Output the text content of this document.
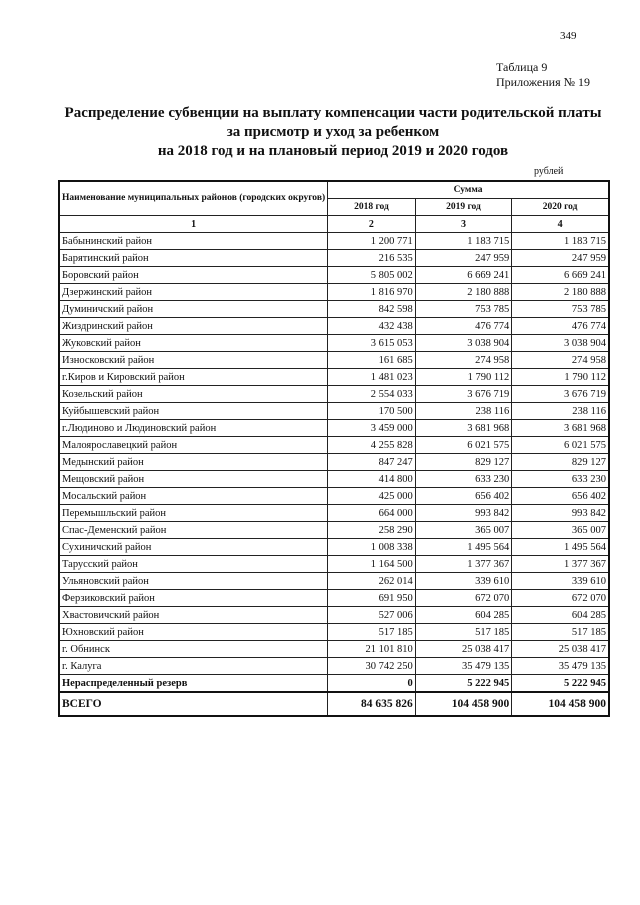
349
Таблица 9
Приложения № 19
Распределение субвенции на выплату компенсации части родительской платы
за присмотр и уход за ребенком
на 2018 год и на плановый период 2019 и 2020 годов
рублей
Наименование муниципальных районов (городских округов)	Сумма		
	2018 год	2019 год	2020 год
1	2	3	4
Бабынинский район	1 200 771	1 183 715	1 183 715
Барятинский район	216 535	247 959	247 959
Боровский район	5 805 002	6 669 241	6 669 241
Дзержинский район	1 816 970	2 180 888	2 180 888
Думиничский район	842 598	753 785	753 785
Жиздринский район	432 438	476 774	476 774
Жуковский район	3 615 053	3 038 904	3 038 904
Износковский район	161 685	274 958	274 958
г.Киров и Кировский район	1 481 023	1 790 112	1 790 112
Козельский район	2 554 033	3 676 719	3 676 719
Куйбышевский район	170 500	238 116	238 116
г.Людиново и Людиновский район	3 459 000	3 681 968	3 681 968
Малоярославецкий район	4 255 828	6 021 575	6 021 575
Медынский район	847 247	829 127	829 127
Мещовский район	414 800	633 230	633 230
Мосальский район	425 000	656 402	656 402
Перемышльский район	664 000	993 842	993 842
Спас-Деменский район	258 290	365 007	365 007
Сухиничский район	1 008 338	1 495 564	1 495 564
Тарусский район	1 164 500	1 377 367	1 377 367
Ульяновский район	262 014	339 610	339 610
Ферзиковский район	691 950	672 070	672 070
Хвастовичский район	527 006	604 285	604 285
Юхновский район	517 185	517 185	517 185
г. Обнинск	21 101 810	25 038 417	25 038 417
г. Калуга	30 742 250	35 479 135	35 479 135
Нераспределенный резерв	0	5 222 945	5 222 945
ВСЕГО	84 635 826	104 458 900	104 458 900
